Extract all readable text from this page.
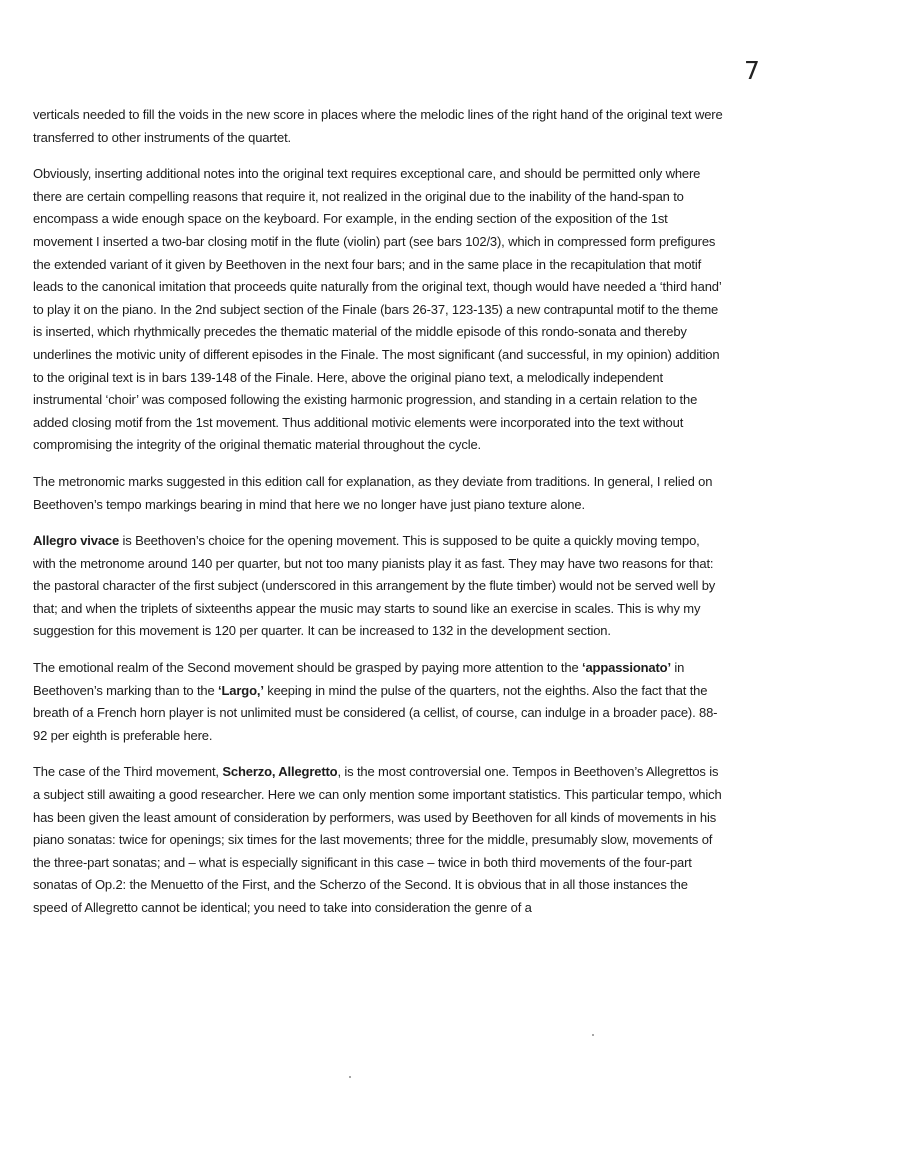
7

verticals needed to fill the voids in the new score in places where the melodic lines of the right hand of the original text were transferred to other instruments of the quartet.

Obviously, inserting additional notes into the original text requires exceptional care, and should be permitted only where there are certain compelling reasons that require it, not realized in the original due to the inability of the hand-span to encompass a wide enough space on the keyboard. For example, in the ending section of the exposition of the 1st movement I inserted a two-bar closing motif in the flute (violin) part (see bars 102/3), which in compressed form prefigures the extended variant of it given by Beethoven in the next four bars; and in the same place in the recapitulation that motif leads to the canonical imitation that proceeds quite naturally from the original text, though would have needed a ‘third hand’ to play it on the piano. In the 2nd subject section of the Finale (bars 26-37, 123-135) a new contrapuntal motif to the theme is inserted, which rhythmically precedes the thematic material of the middle episode of this rondo-sonata and thereby underlines the motivic unity of different episodes in the Finale. The most significant (and successful, in my opinion) addition to the original text is in bars 139-148 of the Finale. Here, above the original piano text, a melodically independent instrumental ‘choir’ was composed following the existing harmonic progression, and standing in a certain relation to the added closing motif from the 1st movement. Thus additional motivic elements were incorporated into the text without compromising the integrity of the original thematic material throughout the cycle.

The metronomic marks suggested in this edition call for explanation, as they deviate from traditions. In general, I relied on Beethoven’s tempo markings bearing in mind that here we no longer have just piano texture alone.

Allegro vivace is Beethoven’s choice for the opening movement. This is supposed to be quite a quickly moving tempo, with the metronome around 140 per quarter, but not too many pianists play it as fast. They may have two reasons for that: the pastoral character of the first subject (underscored in this arrangement by the flute timber) would not be served well by that; and when the triplets of sixteenths appear the music may starts to sound like an exercise in scales. This is why my suggestion for this movement is 120 per quarter. It can be increased to 132 in the development section.

The emotional realm of the Second movement should be grasped by paying more attention to the ‘appassionato’ in Beethoven’s marking than to the ‘Largo,’ keeping in mind the pulse of the quarters, not the eighths. Also the fact that the breath of a French horn player is not unlimited must be considered (a cellist, of course, can indulge in a broader pace). 88-92 per eighth is preferable here.

The case of the Third movement, Scherzo, Allegretto, is the most controversial one. Tempos in Beethoven’s Allegrettos is a subject still awaiting a good researcher. Here we can only mention some important statistics. This particular tempo, which has been given the least amount of consideration by performers, was used by Beethoven for all kinds of movements in his piano sonatas: twice for openings; six times for the last movements; three for the middle, presumably slow, movements of the three-part sonatas; and – what is especially significant in this case – twice in both third movements of the four-part sonatas of Op.2: the Menuetto of the First, and the Scherzo of the Second. It is obvious that in all those instances the speed of Allegretto cannot be identical; you need to take into consideration the genre of a
